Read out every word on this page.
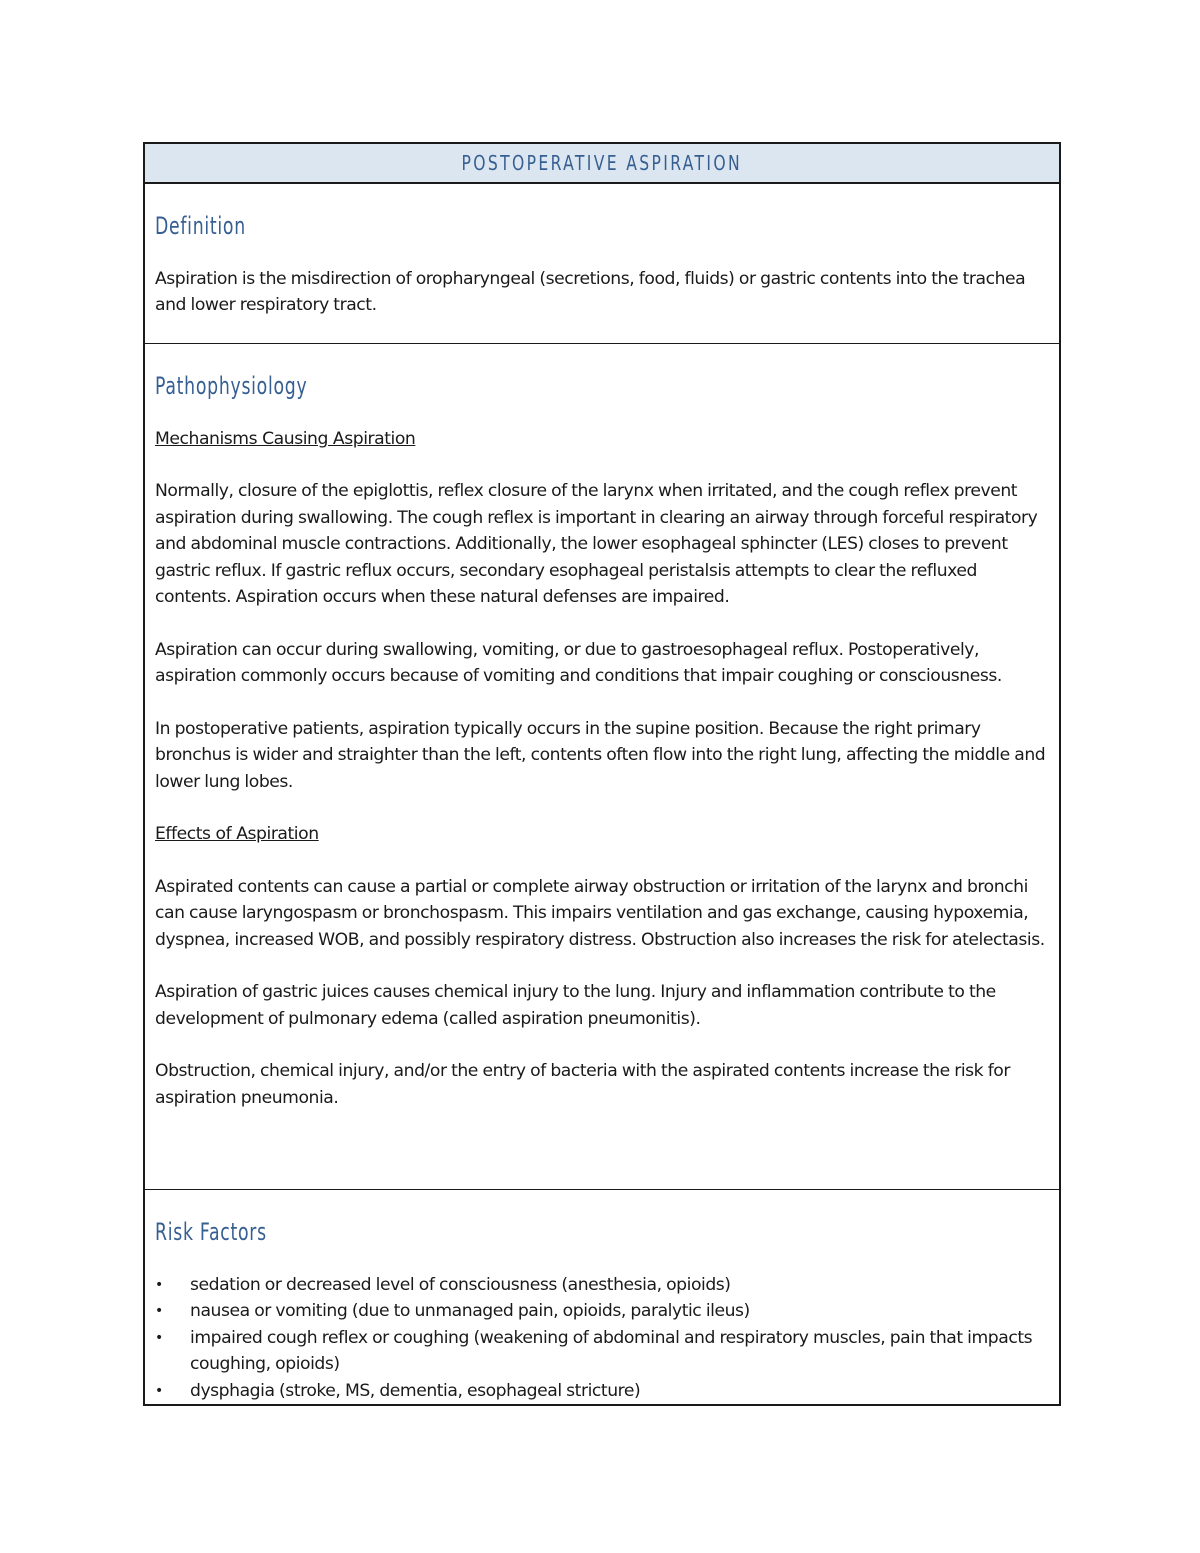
POSTOPERATIVE ASPIRATION
Definition

Aspiration is the misdirection of oropharyngeal (secretions, food, fluids) or gastric contents into the trachea and lower respiratory tract.

Pathophysiology

Mechanisms Causing Aspiration

Normally, closure of the epiglottis, reflex closure of the larynx when irritated, and the cough reflex prevent aspiration during swallowing. The cough reflex is important in clearing an airway through forceful respiratory and abdominal muscle contractions. Additionally, the lower esophageal sphincter (LES) closes to prevent gastric reflux. If gastric reflux occurs, secondary esophageal peristalsis attempts to clear the refluxed contents. Aspiration occurs when these natural defenses are impaired.

Aspiration can occur during swallowing, vomiting, or due to gastroesophageal reflux. Postoperatively, aspiration commonly occurs because of vomiting and conditions that impair coughing or consciousness.

In postoperative patients, aspiration typically occurs in the supine position. Because the right primary bronchus is wider and straighter than the left, contents often flow into the right lung, affecting the middle and lower lung lobes.

Effects of Aspiration

Aspirated contents can cause a partial or complete airway obstruction or irritation of the larynx and bronchi can cause laryngospasm or bronchospasm. This impairs ventilation and gas exchange, causing hypoxemia, dyspnea, increased WOB, and possibly respiratory distress. Obstruction also increases the risk for atelectasis.

Aspiration of gastric juices causes chemical injury to the lung. Injury and inflammation contribute to the development of pulmonary edema (called aspiration pneumonitis).

Obstruction, chemical injury, and/or the entry of bacteria with the aspirated contents increase the risk for aspiration pneumonia.

Risk Factors
• sedation or decreased level of consciousness (anesthesia, opioids)
• nausea or vomiting (due to unmanaged pain, opioids, paralytic ileus)
• impaired cough reflex or coughing (weakening of abdominal and respiratory muscles, pain that impacts coughing, opioids)
• dysphagia (stroke, MS, dementia, esophageal stricture)
